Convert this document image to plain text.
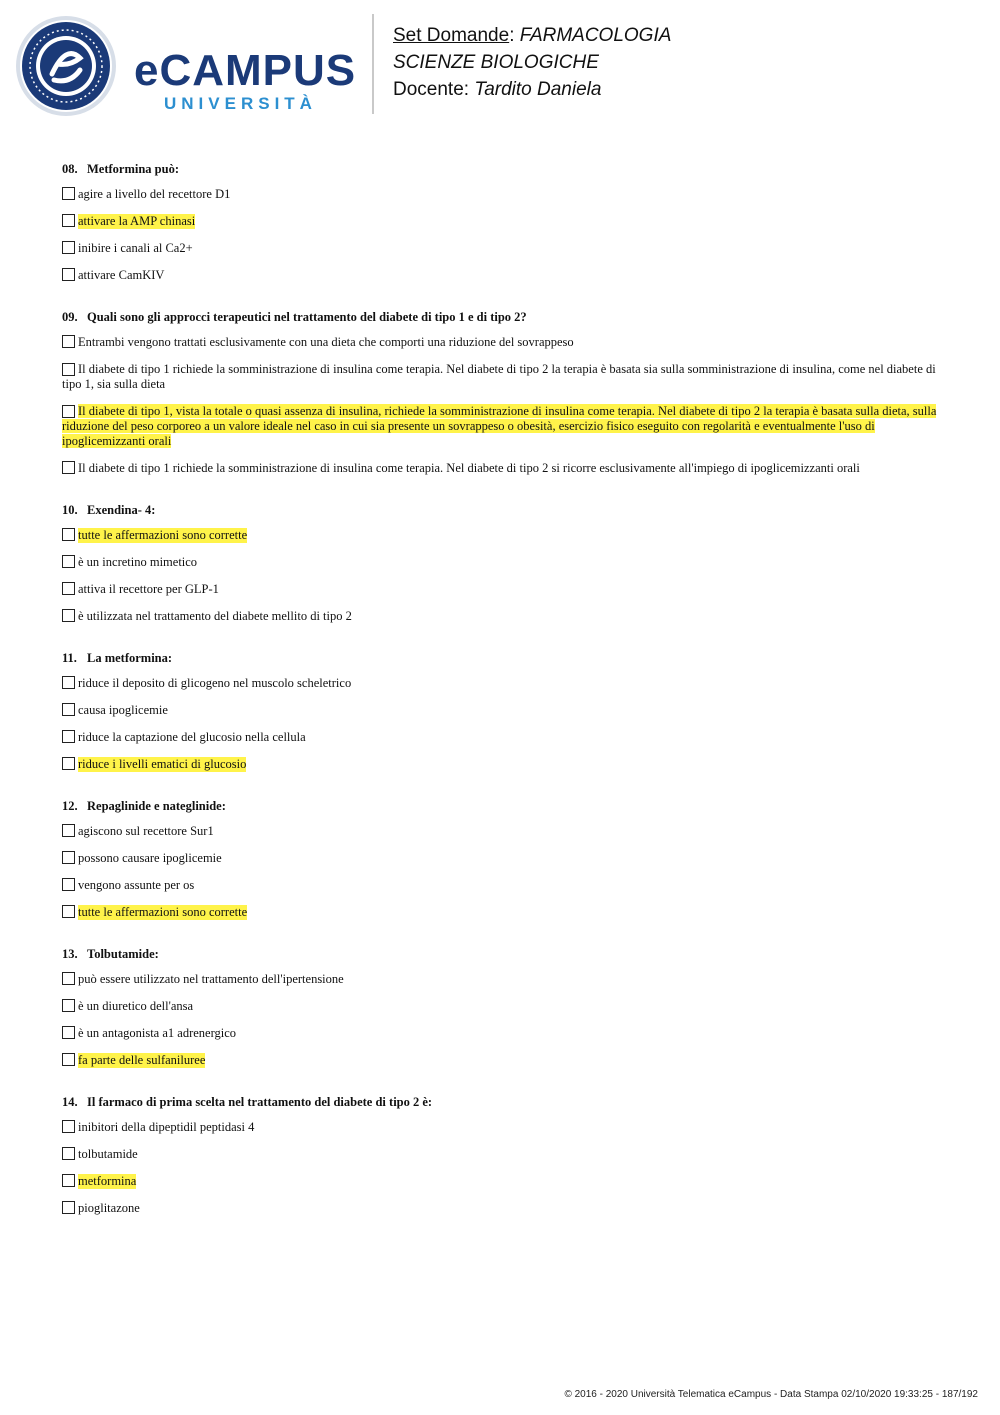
eCAMPUS
UNIVERSITÀ
Set Domande: FARMACOLOGIA
SCIENZE BIOLOGICHE
Docente: Tardito Daniela
08. Metformina può:
agire a livello del recettore D1
attivare la AMP chinasi
inibire i canali al Ca2+
attivare CamKIV
09. Quali sono gli approcci terapeutici nel trattamento del diabete di tipo 1 e di tipo 2?
Entrambi vengono trattati esclusivamente con una dieta che comporti una riduzione del sovrappeso
Il diabete di tipo 1 richiede la somministrazione di insulina come terapia. Nel diabete di tipo 2 la terapia è basata sia sulla somministrazione di insulina, come nel diabete di tipo 1, sia sulla dieta
Il diabete di tipo 1, vista la totale o quasi assenza di insulina, richiede la somministrazione di insulina come terapia. Nel diabete di tipo 2 la terapia è basata sulla dieta, sulla riduzione del peso corporeo a un valore ideale nel caso in cui sia presente un sovrappeso o obesità, esercizio fisico eseguito con regolarità e eventualmente l'uso di ipoglicemizzanti orali
Il diabete di tipo 1 richiede la somministrazione di insulina come terapia. Nel diabete di tipo 2 si ricorre esclusivamente all'impiego di ipoglicemizzanti orali
10. Exendina- 4:
tutte le affermazioni sono corrette
è un incretino mimetico
attiva il recettore per GLP-1
è utilizzata nel trattamento del diabete mellito di tipo 2
11. La metformina:
riduce il deposito di glicogeno nel muscolo scheletrico
causa ipoglicemie
riduce la captazione del glucosio nella cellula
riduce i livelli ematici di glucosio
12. Repaglinide e nateglinide:
agiscono sul recettore Sur1
possono causare ipoglicemie
vengono assunte per os
tutte le affermazioni sono corrette
13. Tolbutamide:
può essere utilizzato nel trattamento dell'ipertensione
è un diuretico dell'ansa
è un antagonista a1 adrenergico
fa parte delle sulfaniluree
14. Il farmaco di prima scelta nel trattamento del diabete di tipo 2 è:
inibitori della dipeptidil peptidasi 4
tolbutamide
metformina
pioglitazone
© 2016 - 2020 Università Telematica eCampus - Data Stampa 02/10/2020 19:33:25 - 187/192
